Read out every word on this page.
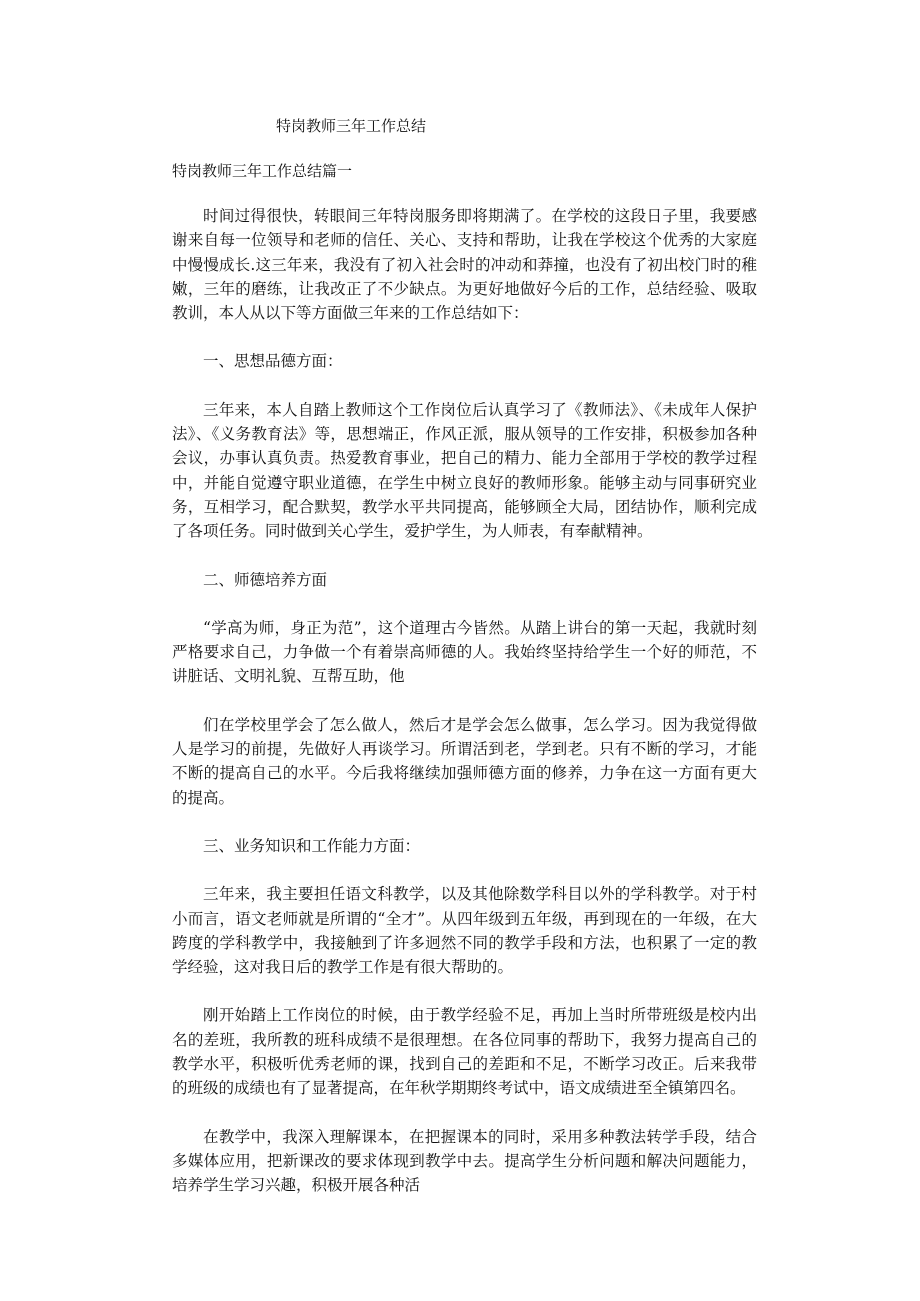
特岗教师三年工作总结
特岗教师三年工作总结篇一

时间过得很快，转眼间三年特岗服务即将期满了。在学校的这段日子里，我要感谢来自每一位领导和老师的信任、关心、支持和帮助，让我在学校这个优秀的大家庭中慢慢成长.这三年来，我没有了初入社会时的冲动和莽撞，也没有了初出校门时的稚嫩，三年的磨练，让我改正了不少缺点。为更好地做好今后的工作，总结经验、吸取教训，本人从以下等方面做三年来的工作总结如下：

一、思想品德方面：

三年来，本人自踏上教师这个工作岗位后认真学习了《教师法》、《未成年人保护法》、《义务教育法》等，思想端正，作风正派，服从领导的工作安排，积极参加各种会议，办事认真负责。热爱教育事业，把自己的精力、能力全部用于学校的教学过程中，并能自觉遵守职业道德，在学生中树立良好的教师形象。能够主动与同事研究业务，互相学习，配合默契，教学水平共同提高，能够顾全大局，团结协作，顺利完成了各项任务。同时做到关心学生，爱护学生，为人师表，有奉献精神。

二、师德培养方面

“学高为师，身正为范”，这个道理古今皆然。从踏上讲台的第一天起，我就时刻严格要求自己，力争做一个有着崇高师德的人。我始终坚持给学生一个好的师范，不讲脏话、文明礼貌、互帮互助，他

们在学校里学会了怎么做人，然后才是学会怎么做事，怎么学习。因为我觉得做人是学习的前提，先做好人再谈学习。所谓活到老，学到老。只有不断的学习，才能不断的提高自己的水平。今后我将继续加强师德方面的修养，力争在这一方面有更大的提高。

三、业务知识和工作能力方面：

三年来，我主要担任语文科教学，以及其他除数学科目以外的学科教学。对于村小而言，语文老师就是所谓的“全才”。从四年级到五年级，再到现在的一年级，在大跨度的学科教学中，我接触到了许多迥然不同的教学手段和方法，也积累了一定的教学经验，这对我日后的教学工作是有很大帮助的。

刚开始踏上工作岗位的时候，由于教学经验不足，再加上当时所带班级是校内出名的差班，我所教的班科成绩不是很理想。在各位同事的帮助下，我努力提高自己的教学水平，积极听优秀老师的课，找到自己的差距和不足，不断学习改正。后来我带的班级的成绩也有了显著提高，在年秋学期期终考试中，语文成绩进至全镇第四名。

在教学中，我深入理解课本，在把握课本的同时，采用多种教法转学手段，结合多媒体应用，把新课改的要求体现到教学中去。提高学生分析问题和解决问题能力，培养学生学习兴趣，积极开展各种活
